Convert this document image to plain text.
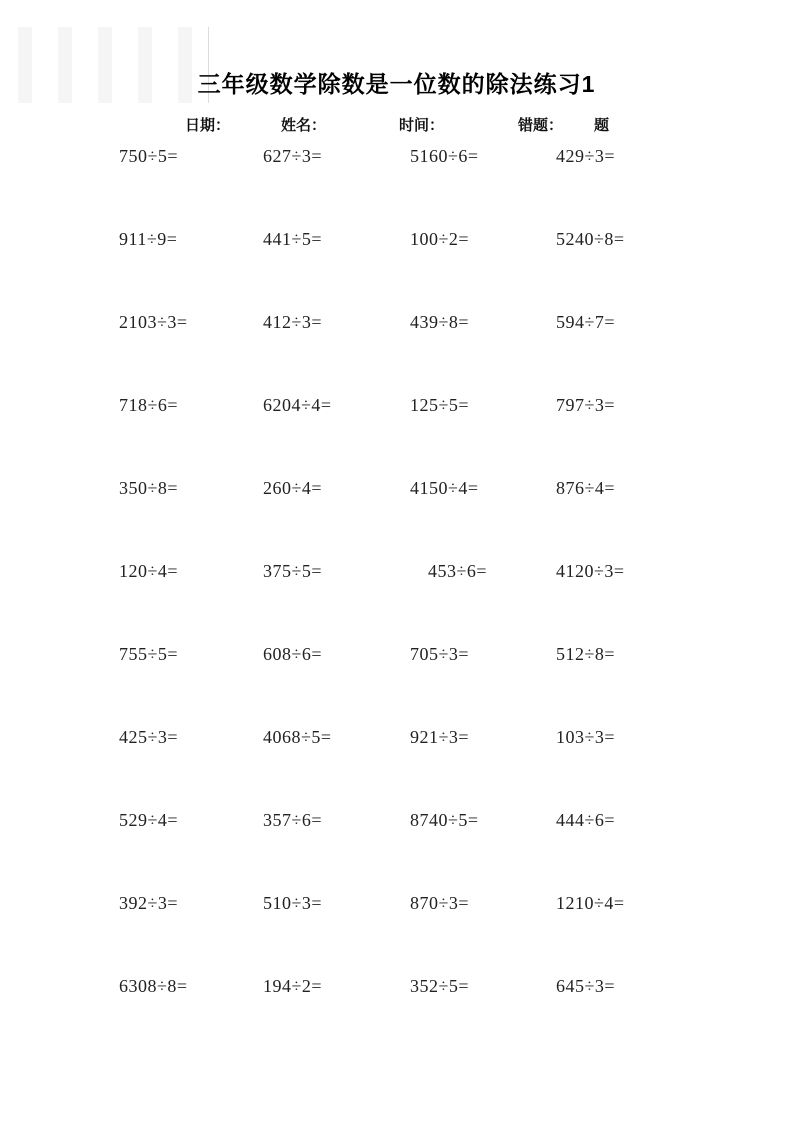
三年级数学除数是一位数的除法练习1
日期：	姓名：	时间：	错题： 题
750÷5=	627÷3=	5160÷6=	429÷3=
911÷9=	441÷5=	100÷2=	5240÷8=
2103÷3=	412÷3=	439÷8=	594÷7=
718÷6=	6204÷4=	125÷5=	797÷3=
350÷8=	260÷4=	4150÷4=	876÷4=
120÷4=	375÷5=	453÷6=	4120÷3=
755÷5=	608÷6=	705÷3=	512÷8=
425÷3=	4068÷5=	921÷3=	103÷3=
529÷4=	357÷6=	8740÷5=	444÷6=
392÷3=	510÷3=	870÷3=	1210÷4=
6308÷8=	194÷2=	352÷5=	645÷3=
